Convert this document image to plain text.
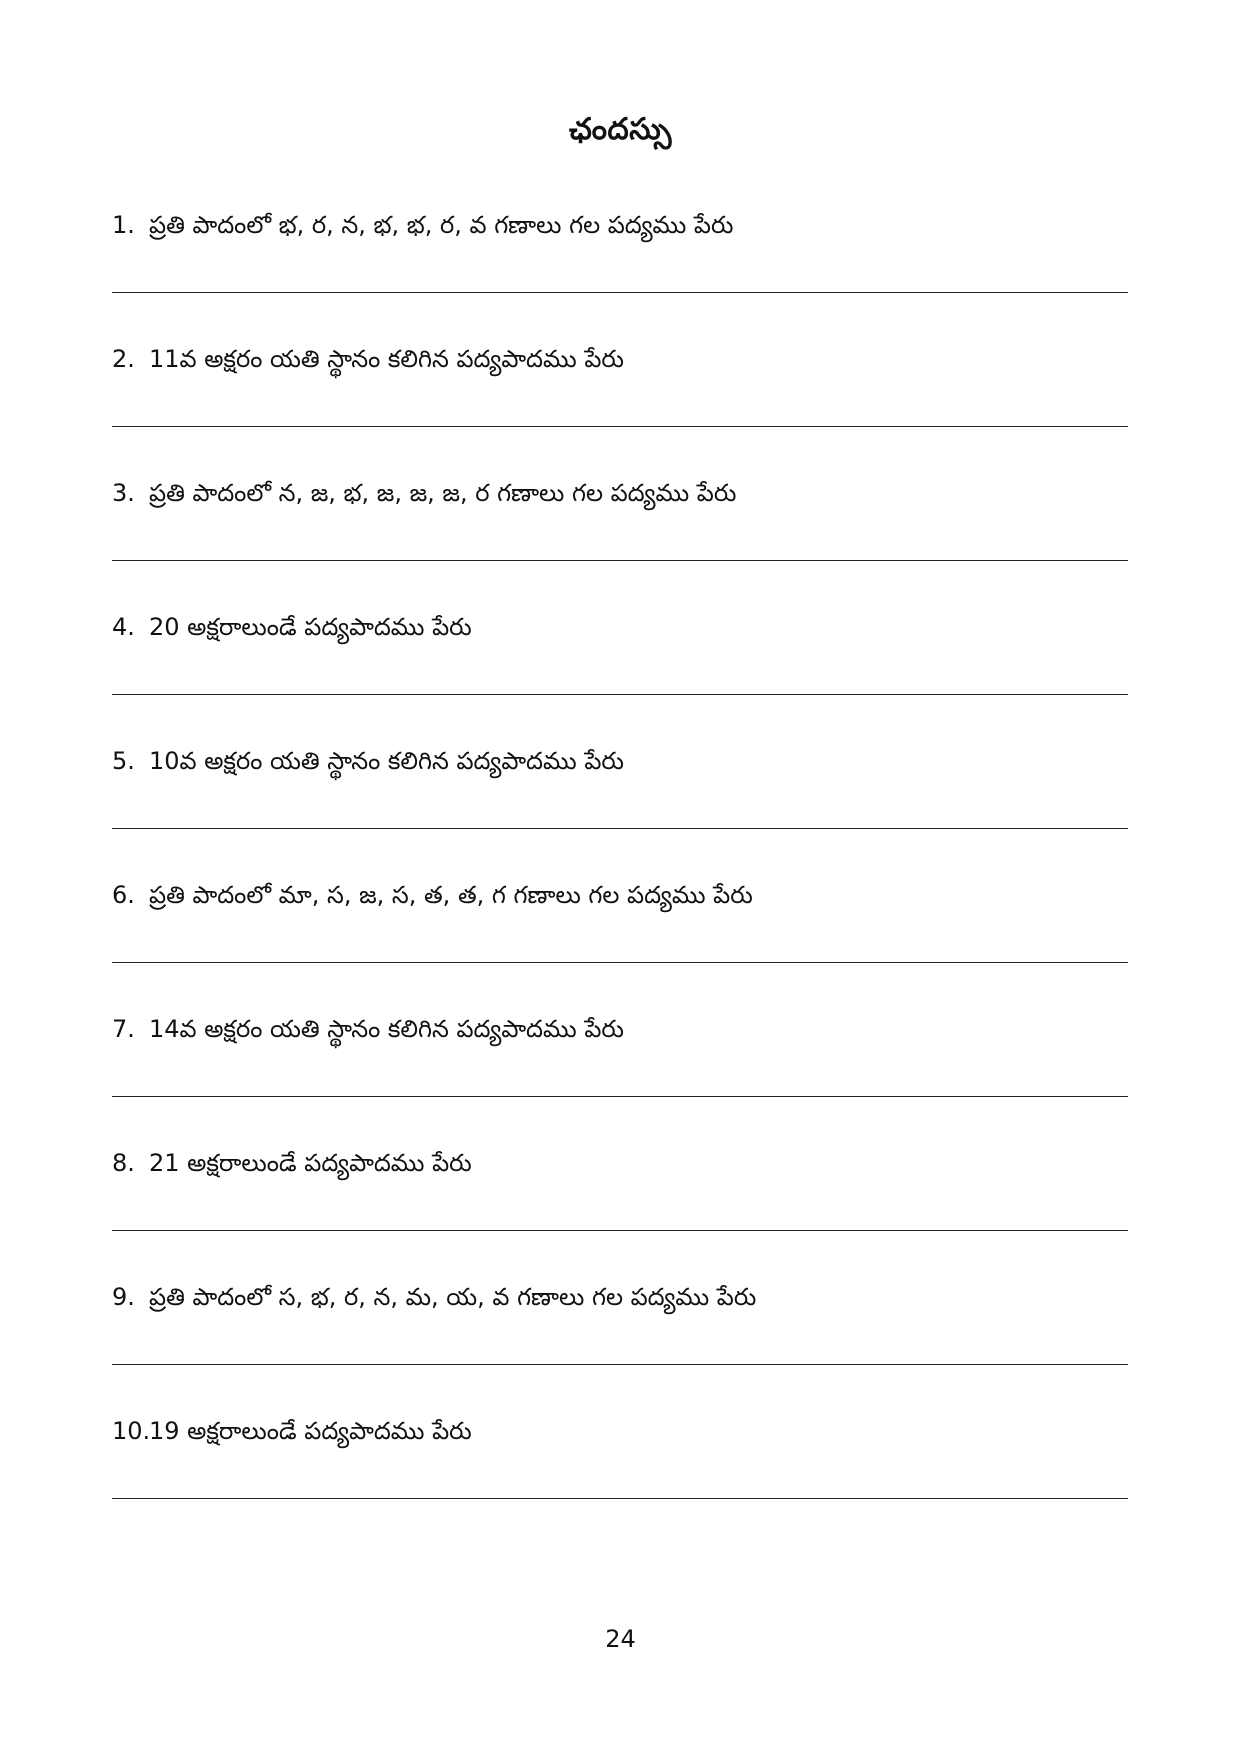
ఛందస్సు
1. ప్రతి పాదంలో భ, ర, న, భ, భ, ర, వ గణాలు గల పద్యము పేరు
2. 11వ అక్షరం యతి స్థానం కలిగిన పద్యపాదము పేరు
3. ప్రతి పాదంలో న, జ, భ, జ, జ, జ, ర గణాలు గల పద్యము పేరు
4. 20 అక్షరాలుండే పద్యపాదము పేరు
5. 10వ అక్షరం యతి స్థానం కలిగిన పద్యపాదము పేరు
6. ప్రతి పాదంలో మా, స, జ, స, త, త, గ గణాలు గల పద్యము పేరు
7. 14వ అక్షరం యతి స్థానం కలిగిన పద్యపాదము పేరు
8. 21 అక్షరాలుండే పద్యపాదము పేరు
9. ప్రతి పాదంలో స, భ, ర, న, మ, య, వ గణాలు గల పద్యము పేరు
10.
19 అక్షరాలుండే పద్యపాదము పేరు
24
